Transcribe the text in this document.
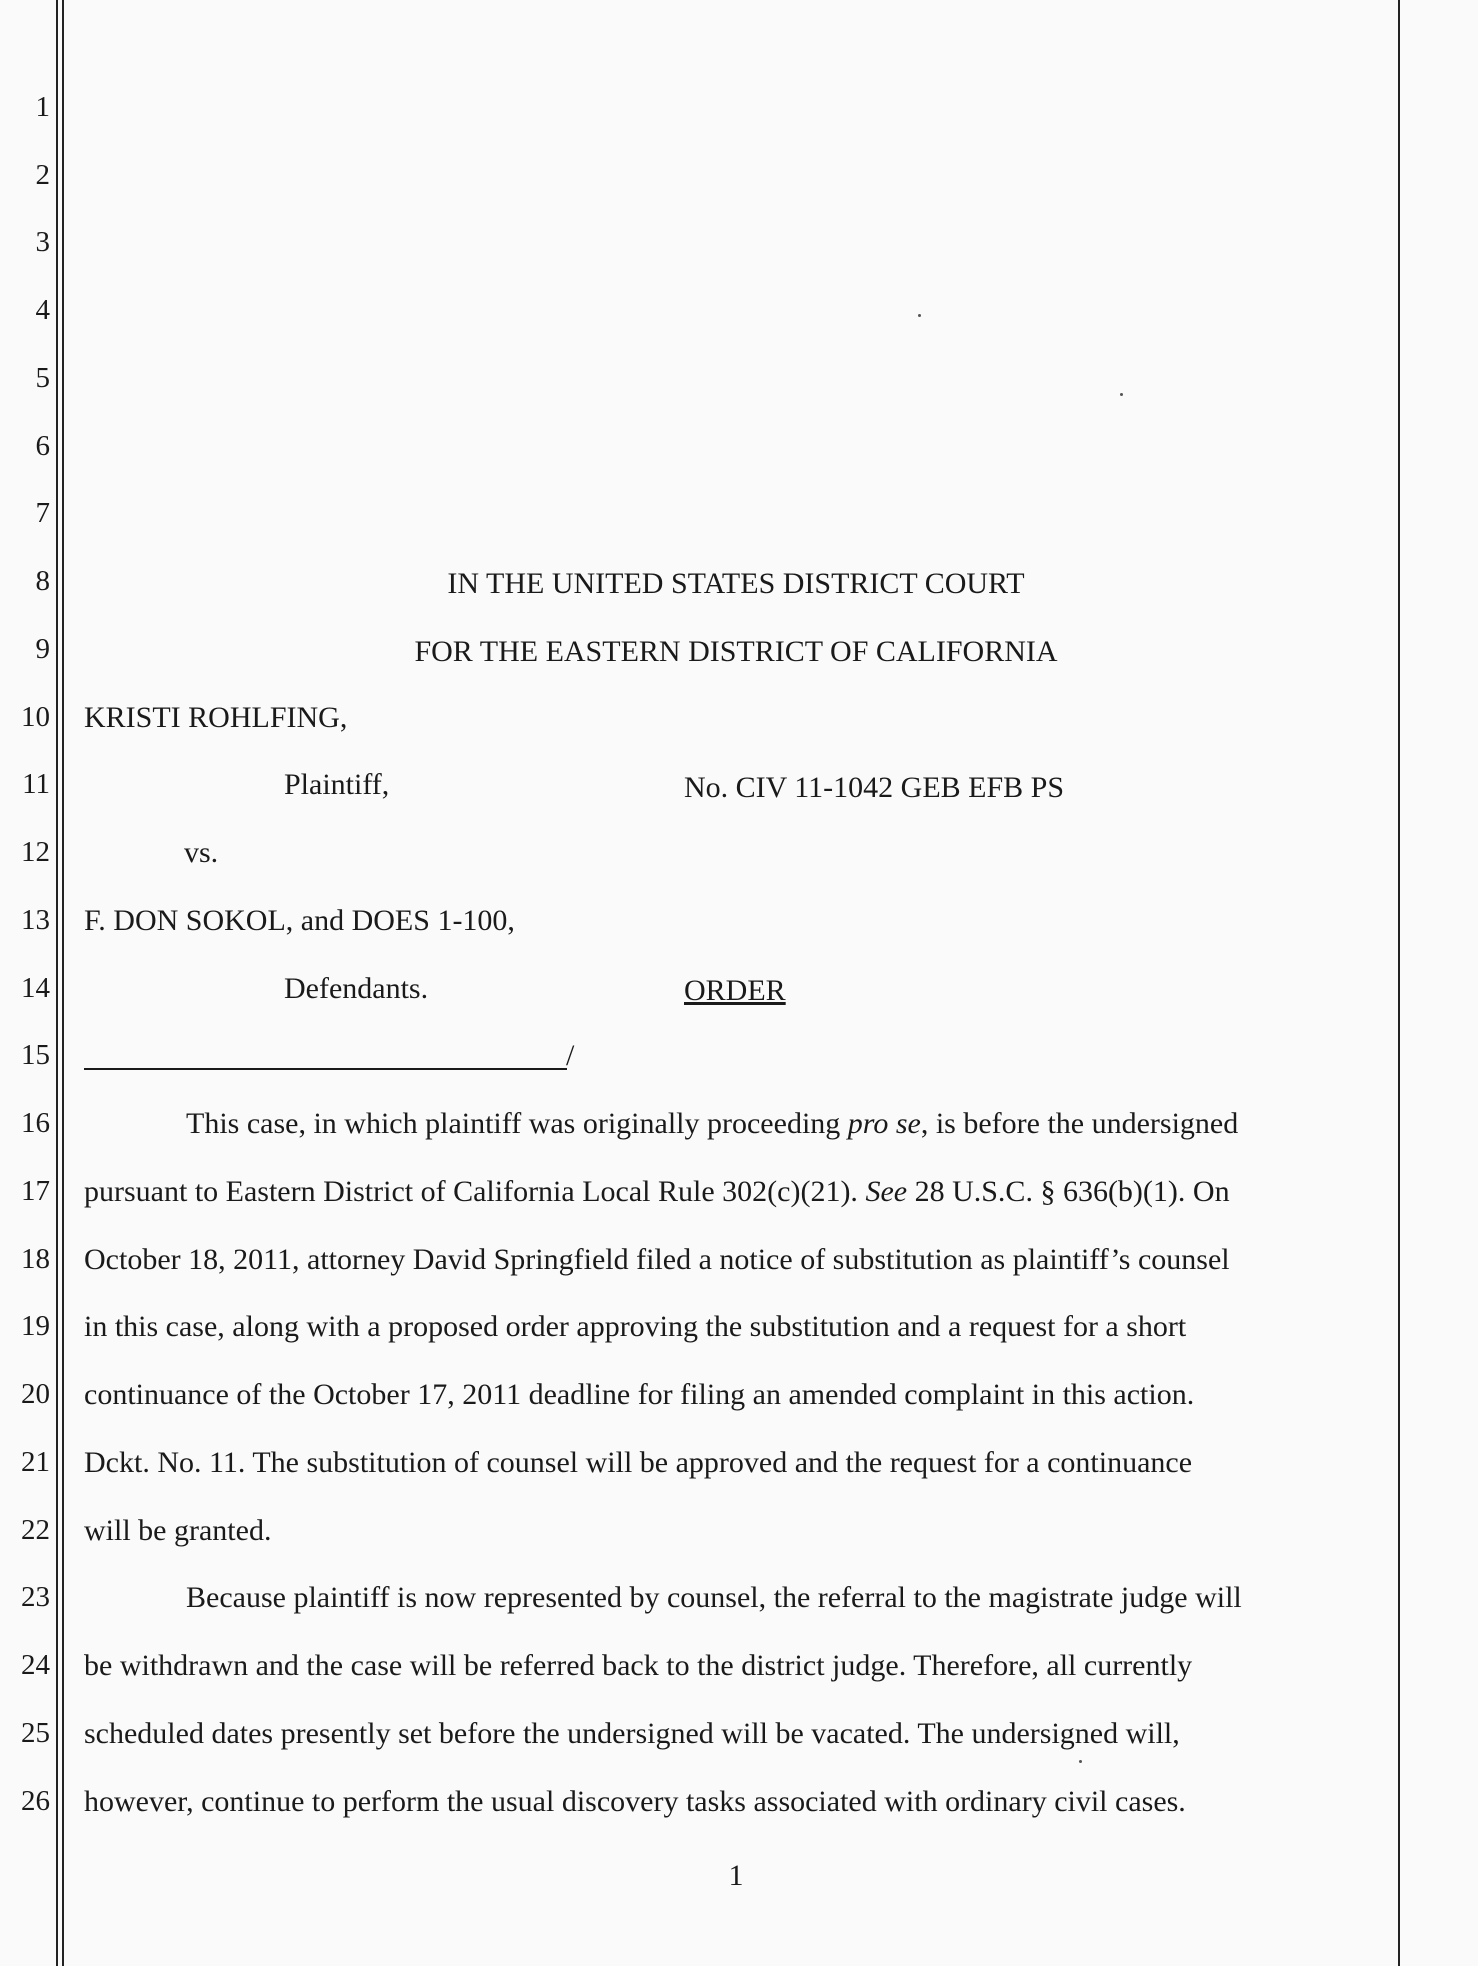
1
2
3
4
5
6
7
8
9
10
11
12
13
14
15
16
17
18
19
20
21
22
23
24
25
26
IN THE UNITED STATES DISTRICT COURT
FOR THE EASTERN DISTRICT OF CALIFORNIA
KRISTI ROHLFING,
Plaintiff,	No. CIV 11-1042 GEB EFB PS
vs.
F. DON SOKOL, and DOES 1-100,
Defendants.	ORDER
/
This case, in which plaintiff was originally proceeding pro se, is before the undersigned
pursuant to Eastern District of California Local Rule 302(c)(21). See 28 U.S.C. § 636(b)(1). On
October 18, 2011, attorney David Springfield filed a notice of substitution as plaintiff’s counsel
in this case, along with a proposed order approving the substitution and a request for a short
continuance of the October 17, 2011 deadline for filing an amended complaint in this action.
Dckt. No. 11. The substitution of counsel will be approved and the request for a continuance
will be granted.
Because plaintiff is now represented by counsel, the referral to the magistrate judge will
be withdrawn and the case will be referred back to the district judge. Therefore, all currently
scheduled dates presently set before the undersigned will be vacated. The undersigned will,
however, continue to perform the usual discovery tasks associated with ordinary civil cases.
1
